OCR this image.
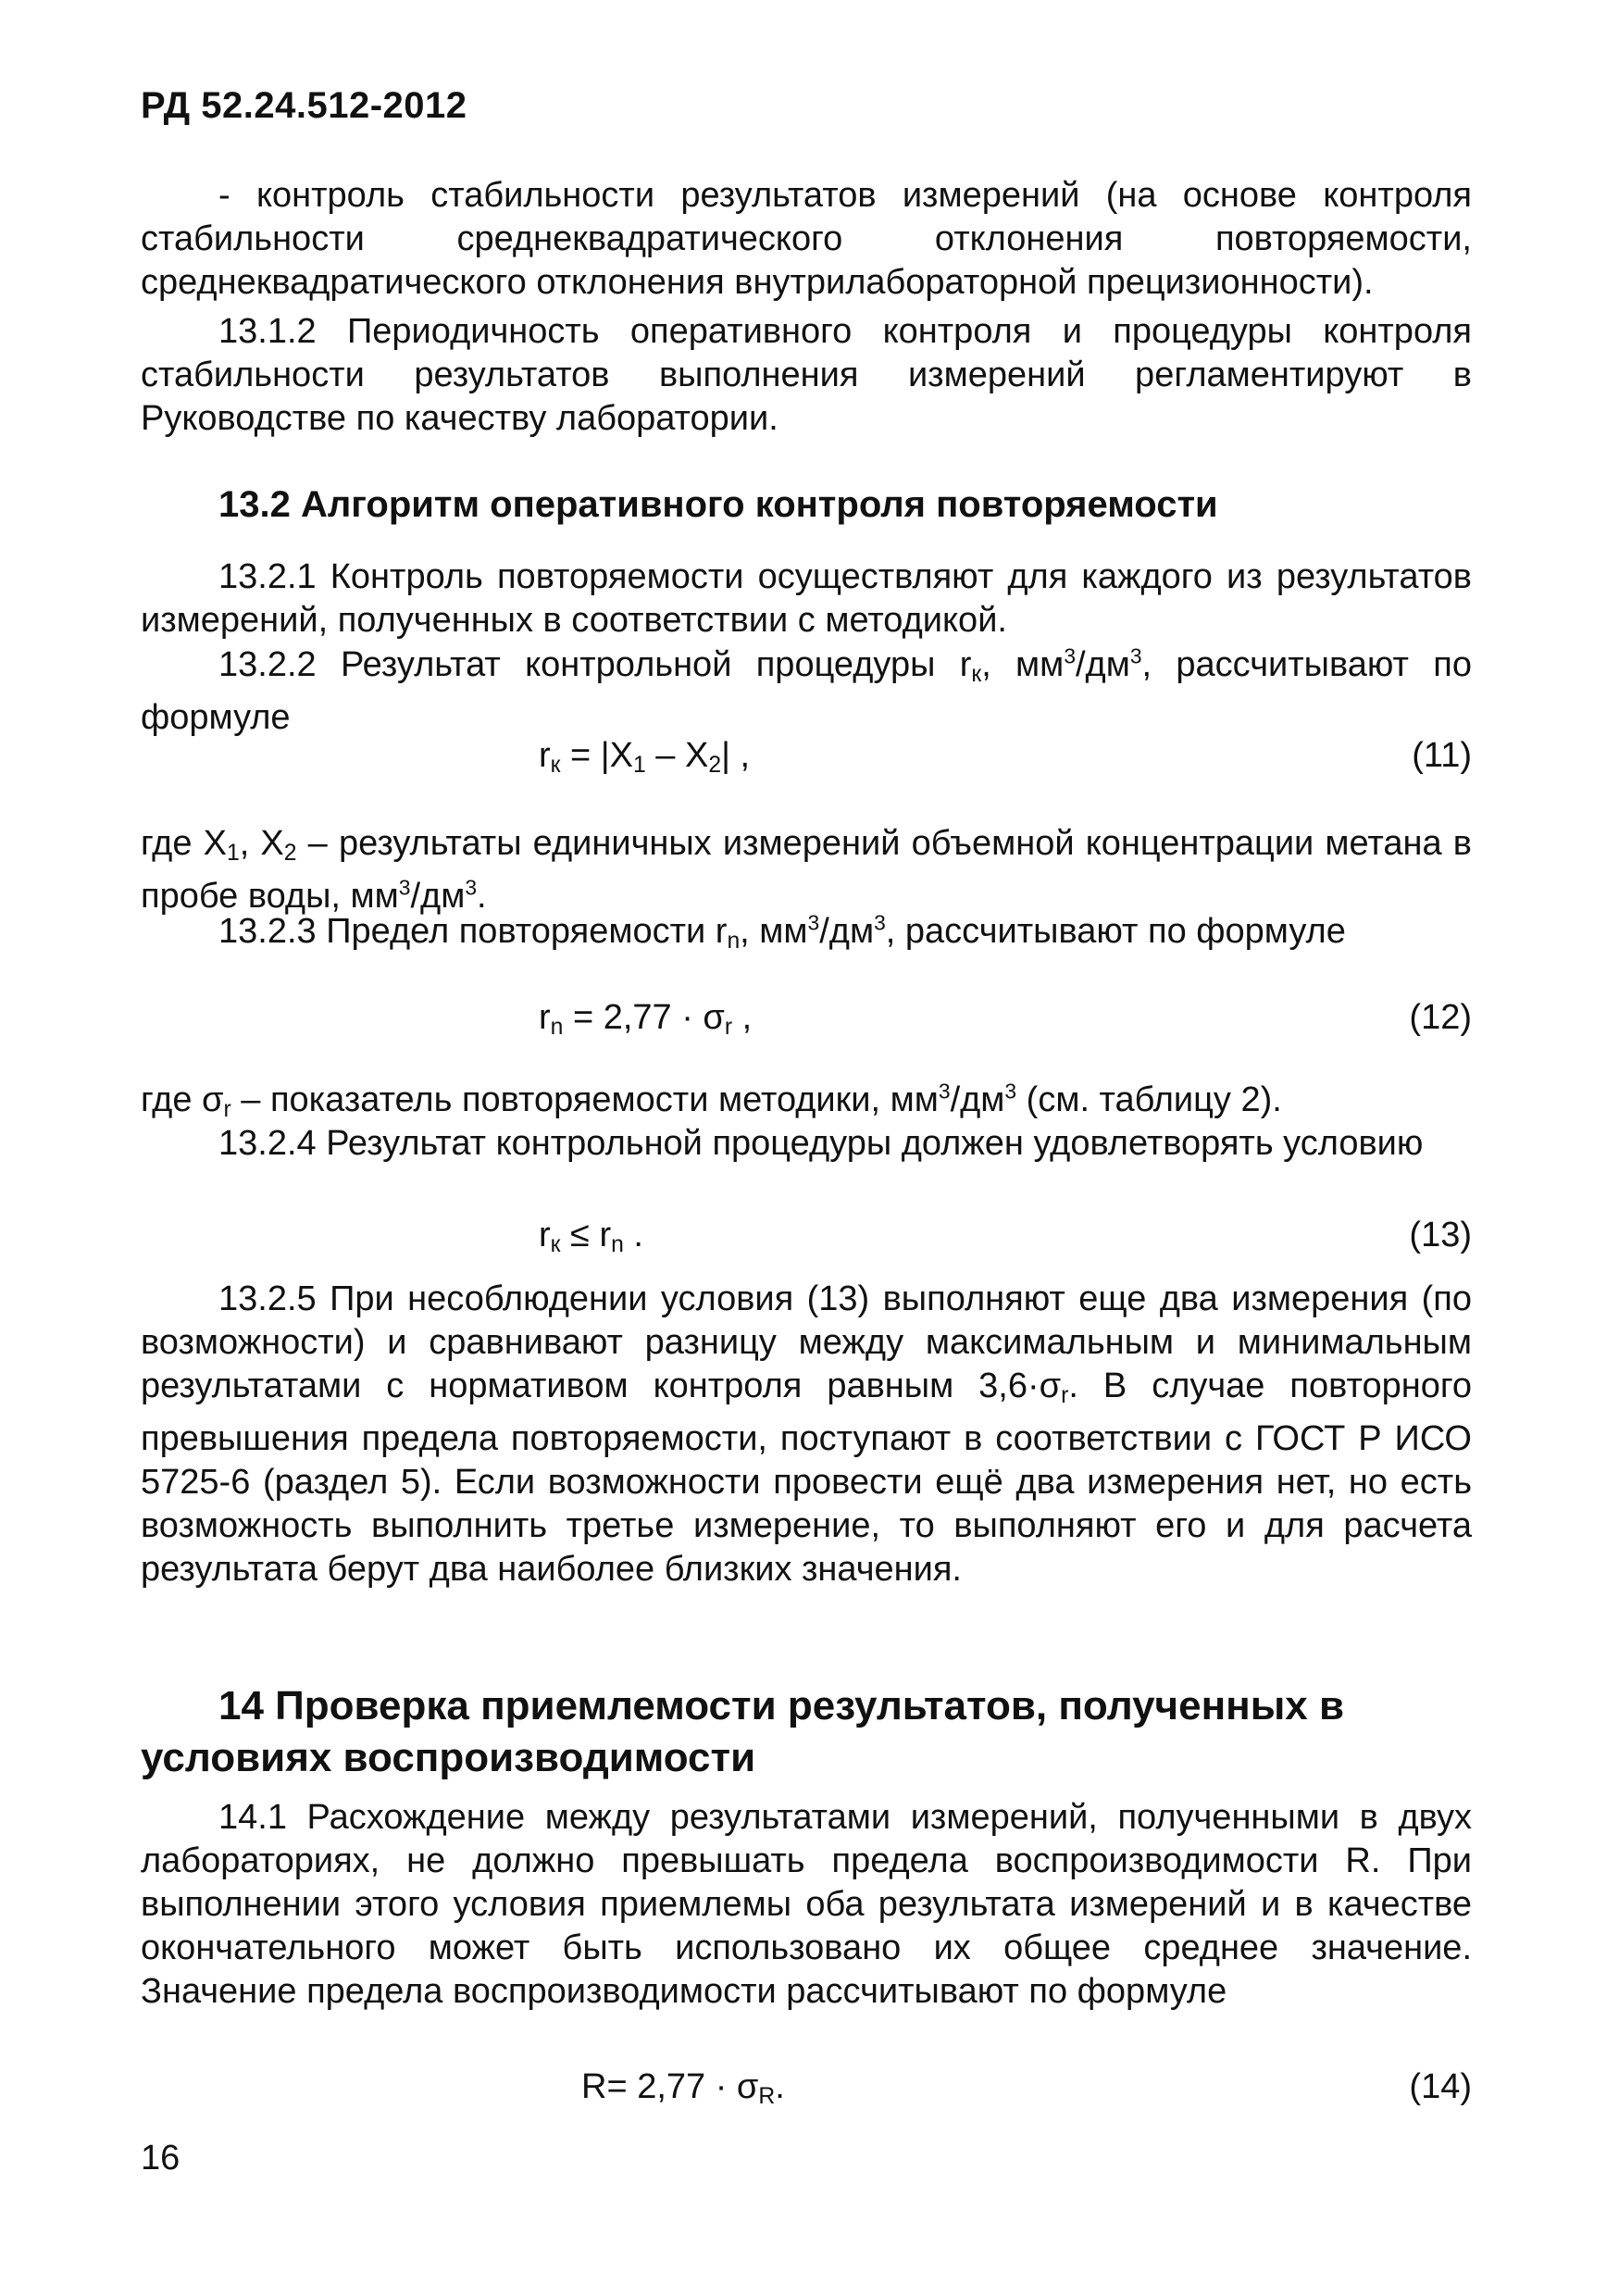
РД 52.24.512-2012

- контроль стабильности результатов измерений (на основе контроля стабильности среднеквадратического отклонения повторяемости, среднеквадратического отклонения внутрилабораторной прецизионности).

13.1.2 Периодичность оперативного контроля и процедуры контроля стабильности результатов выполнения измерений регламентируют в Руководстве по качеству лаборатории.

13.2 Алгоритм оперативного контроля повторяемости

13.2.1 Контроль повторяемости осуществляют для каждого из результатов измерений, полученных в соответствии с методикой.

13.2.2 Результат контрольной процедуры $r_к$, $мм^3/дм^3$, рассчитывают по формуле

$r_к = |X_1 - X_2|$ ,	(11)

где $X_1$, $X_2$ – результаты единичных измерений объемной концентрации метана в пробе воды, $мм^3/дм^3$.

13.2.3 Предел повторяемости $r_n$, $мм^3/дм^3$, рассчитывают по формуле

$r_n = 2,77 \cdot \sigma_r$ ,	(12)

где $\sigma_r$ – показатель повторяемости методики, $мм^3/дм^3$ (см. таблицу 2).

13.2.4 Результат контрольной процедуры должен удовлетворять условию

$r_к \le r_n$ .	(13)

13.2.5 При несоблюдении условия (13) выполняют еще два измерения (по возможности) и сравнивают разницу между максимальным и минимальным результатами с нормативом контроля равным $3,6\cdot\sigma_r$. В случае повторного превышения предела повторяемости, поступают в соответствии с ГОСТ Р ИСО 5725-6 (раздел 5). Если возможности провести ещё два измерения нет, но есть возможность выполнить третье измерение, то выполняют его и для расчета результата берут два наиболее близких значения.

14 Проверка приемлемости результатов, полученных в условиях воспроизводимости

14.1 Расхождение между результатами измерений, полученными в двух лабораториях, не должно превышать предела воспроизводимости R. При выполнении этого условия приемлемы оба результата измерений и в качестве окончательного может быть использовано их общее среднее значение. Значение предела воспроизводимости рассчитывают по формуле

$R= 2,77 \cdot \sigma_R$.	(14)
16
